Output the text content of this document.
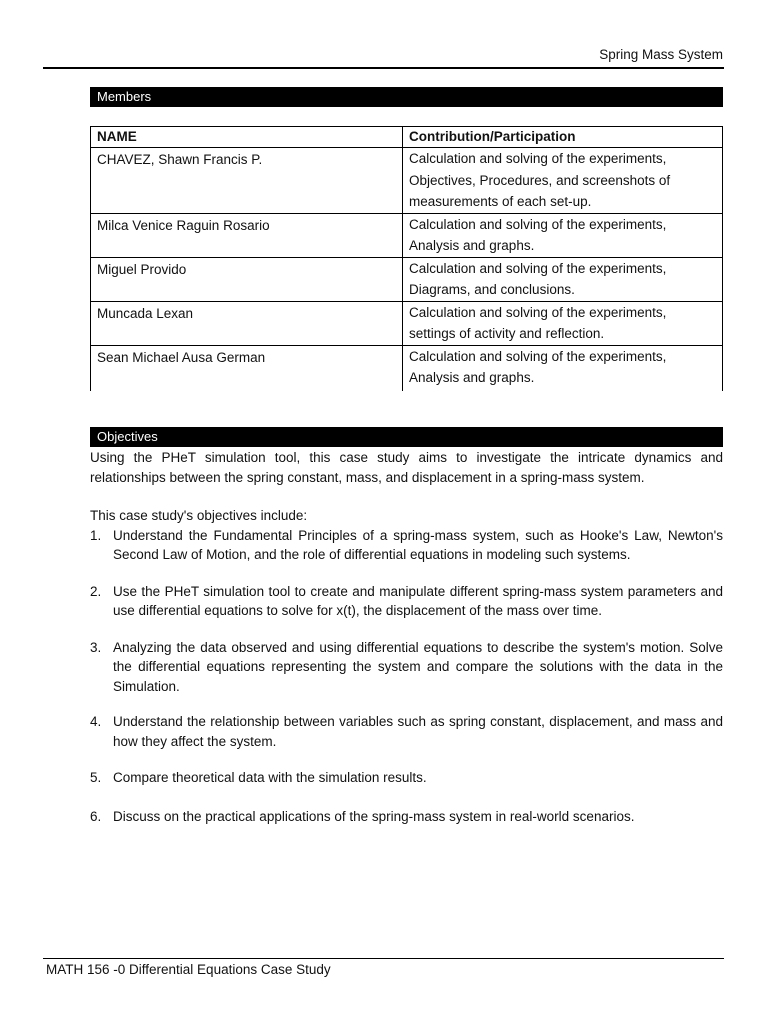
Spring Mass System
Members
NAME	Contribution/Participation
CHAVEZ, Shawn Francis P.	Calculation and solving of the experiments, Objectives, Procedures, and screenshots of measurements of each set-up.
Milca Venice Raguin Rosario	Calculation and solving of the experiments, Analysis and graphs.
Miguel Provido	Calculation and solving of the experiments, Diagrams, and conclusions.
Muncada Lexan	Calculation and solving of the experiments, settings of activity and reflection.
Sean Michael Ausa German	Calculation and solving of the experiments, Analysis and graphs.
Objectives

Using the PHeT simulation tool, this case study aims to investigate the intricate dynamics and relationships between the spring constant, mass, and displacement in a spring-mass system.

This case study's objectives include:

1. Understand the Fundamental Principles of a spring-mass system, such as Hooke's Law, Newton's Second Law of Motion, and the role of differential equations in modeling such systems.
2. Use the PHeT simulation tool to create and manipulate different spring-mass system parameters and use differential equations to solve for x(t), the displacement of the mass over time.
3. Analyzing the data observed and using differential equations to describe the system's motion. Solve the differential equations representing the system and compare the solutions with the data in the Simulation.
4. Understand the relationship between variables such as spring constant, displacement, and mass and how they affect the system.
5. Compare theoretical data with the simulation results.
6. Discuss on the practical applications of the spring-mass system in real-world scenarios.
MATH 156 -0 Differential Equations Case Study
